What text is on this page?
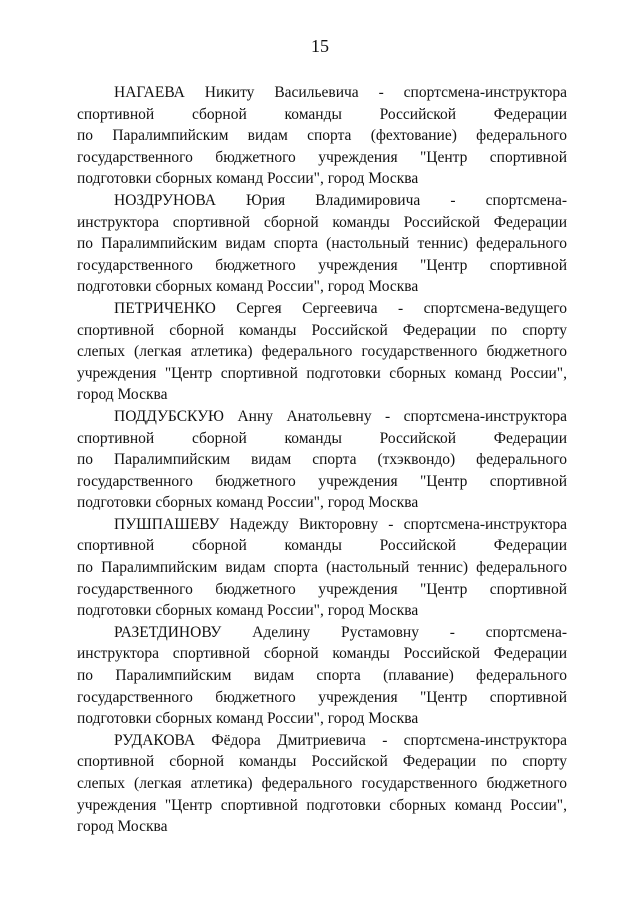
15
НАГАЕВА Никиту Васильевича - спортсмена-инструктора
спортивной сборной команды Российской Федерации
по Паралимпийским видам спорта (фехтование) федерального
государственного бюджетного учреждения "Центр спортивной
подготовки сборных команд России", город Москва
НОЗДРУНОВА Юрия Владимировича - спортсмена-
инструктора спортивной сборной команды Российской Федерации
по Паралимпийским видам спорта (настольный теннис) федерального
государственного бюджетного учреждения "Центр спортивной
подготовки сборных команд России", город Москва
ПЕТРИЧЕНКО Сергея Сергеевича - спортсмена-ведущего
спортивной сборной команды Российской Федерации по спорту
слепых (легкая атлетика) федерального государственного бюджетного
учреждения "Центр спортивной подготовки сборных команд России",
город Москва
ПОДДУБСКУЮ Анну Анатольевну - спортсмена-инструктора
спортивной сборной команды Российской Федерации
по Паралимпийским видам спорта (тхэквондо) федерального
государственного бюджетного учреждения "Центр спортивной
подготовки сборных команд России", город Москва
ПУШПАШЕВУ Надежду Викторовну - спортсмена-инструктора
спортивной сборной команды Российской Федерации
по Паралимпийским видам спорта (настольный теннис) федерального
государственного бюджетного учреждения "Центр спортивной
подготовки сборных команд России", город Москва
РАЗЕТДИНОВУ Аделину Рустамовну - спортсмена-
инструктора спортивной сборной команды Российской Федерации
по Паралимпийским видам спорта (плавание) федерального
государственного бюджетного учреждения "Центр спортивной
подготовки сборных команд России", город Москва
РУДАКОВА Фёдора Дмитриевича - спортсмена-инструктора
спортивной сборной команды Российской Федерации по спорту
слепых (легкая атлетика) федерального государственного бюджетного
учреждения "Центр спортивной подготовки сборных команд России",
город Москва
